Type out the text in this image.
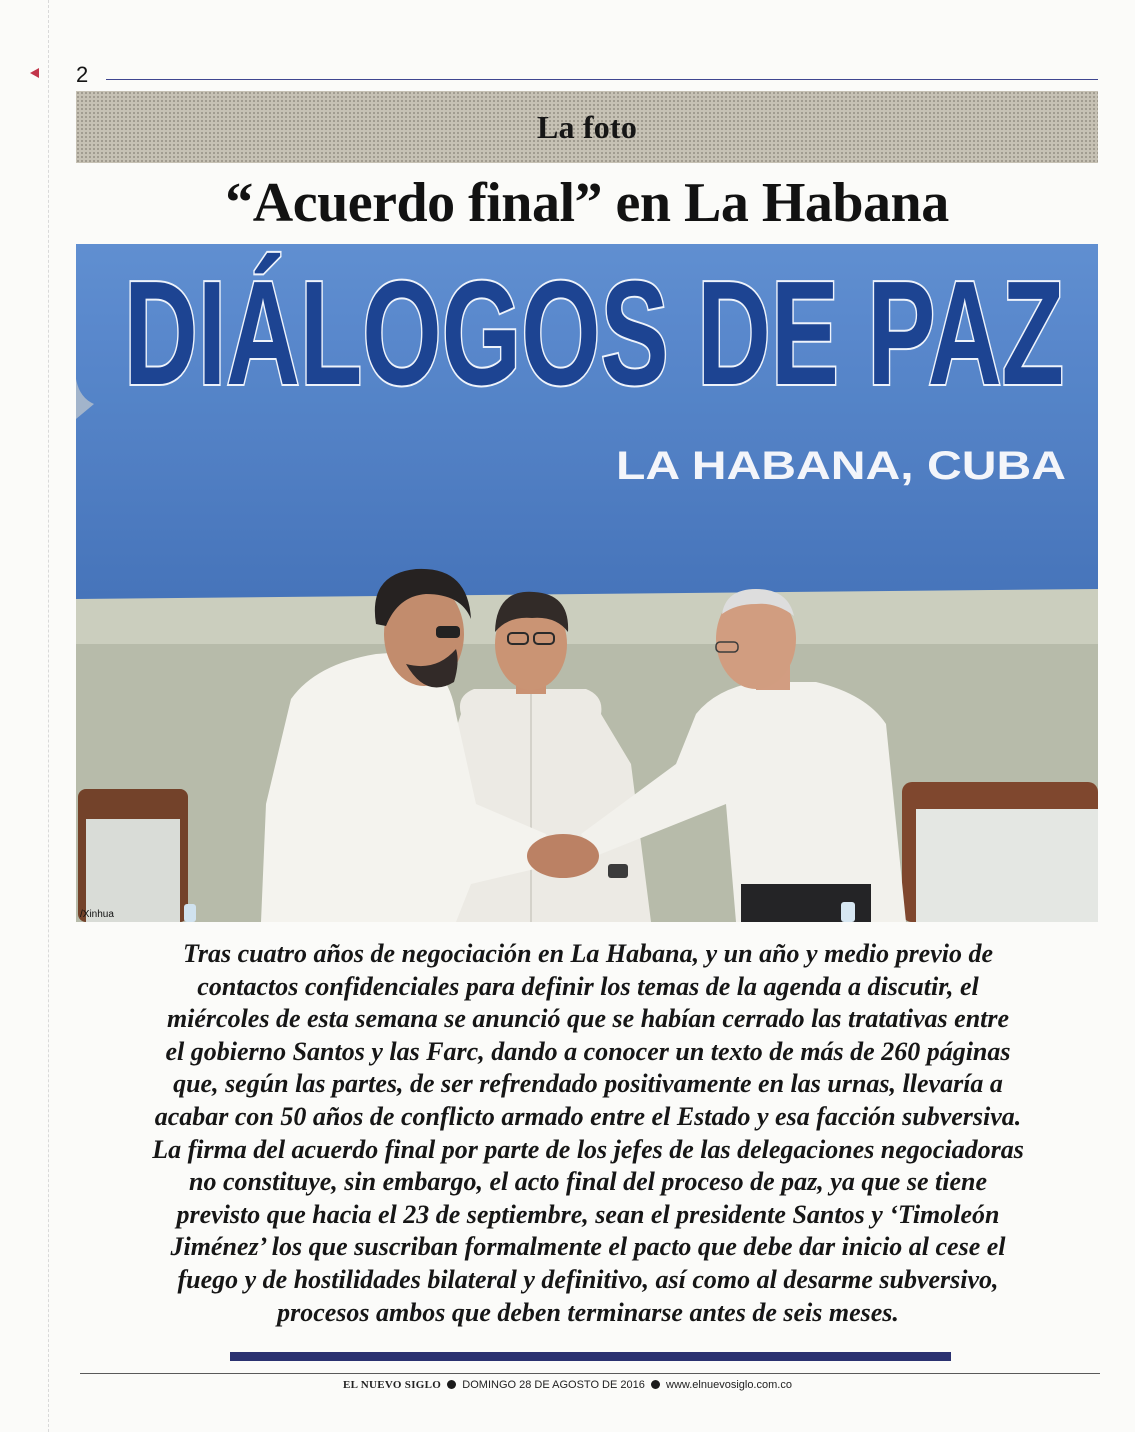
2
La foto
“Acuerdo final” en La Habana
DIÁLOGOS DE PAZ
LA HABANA, CUBA
/Xinhua

Tras cuatro años de negociación en La Habana, y un año y medio previo de
contactos confidenciales para definir los temas de la agenda a discutir, el
miércoles de esta semana se anunció que se habían cerrado las tratativas entre
el gobierno Santos y las Farc, dando a conocer un texto de más de 260 páginas
que, según las partes, de ser refrendado positivamente en las urnas, llevaría a
acabar con 50 años de conflicto armado entre el Estado y esa facción subversiva.
La firma del acuerdo final por parte de los jefes de las delegaciones negociadoras
no constituye, sin embargo, el acto final del proceso de paz, ya que se tiene
previsto que hacia el 23 de septiembre, sean el presidente Santos y ‘Timoleón
Jiménez’ los que suscriban formalmente el pacto que debe dar inicio al cese el
fuego y de hostilidades bilateral y definitivo, así como al desarme subversivo,
procesos ambos que deben terminarse antes de seis meses.

EL NUEVO SIGLO DOMINGO 28 DE AGOSTO DE 2016 www.elnuevosiglo.com.co
